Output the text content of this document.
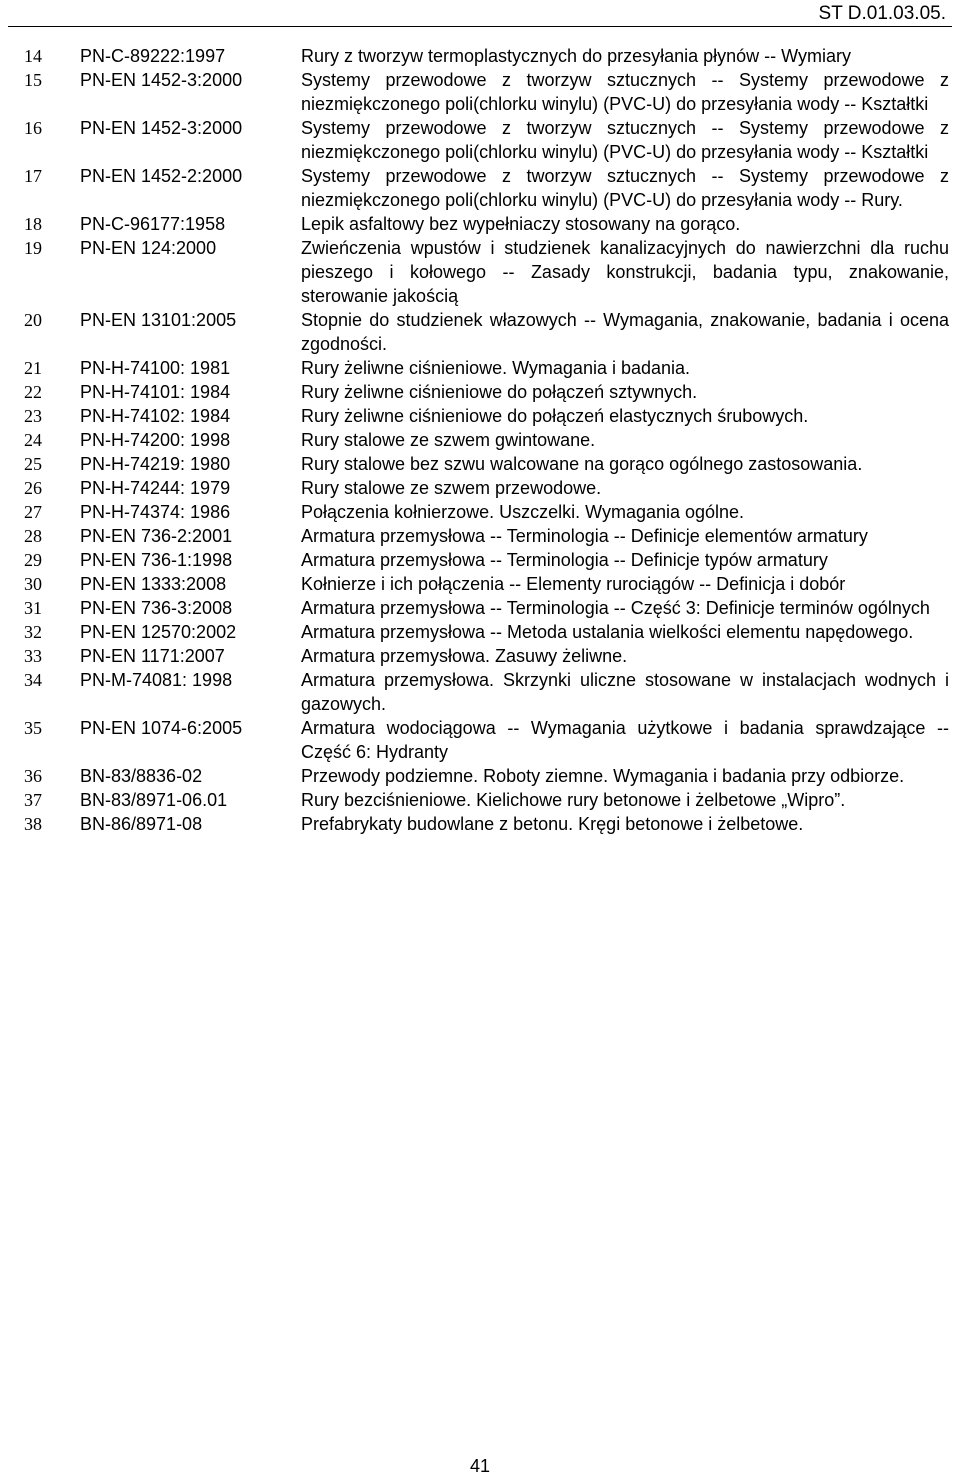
ST D.01.03.05.
14	PN-C-89222:1997	Rury z tworzyw termoplastycznych do przesyłania płynów -- Wymiary
15	PN-EN 1452-3:2000	Systemy przewodowe z tworzyw sztucznych -- Systemy przewodowe z niezmiękczonego poli(chlorku winylu) (PVC-U) do przesyłania wody -- Kształtki
16	PN-EN 1452-3:2000	Systemy przewodowe z tworzyw sztucznych -- Systemy przewodowe z niezmiękczonego poli(chlorku winylu) (PVC-U) do przesyłania wody -- Kształtki
17	PN-EN 1452-2:2000	Systemy przewodowe z tworzyw sztucznych -- Systemy przewodowe z niezmiękczonego poli(chlorku winylu) (PVC-U) do przesyłania wody -- Rury.
18	PN-C-96177:1958	Lepik asfaltowy bez wypełniaczy stosowany na gorąco.
19	PN-EN 124:2000	Zwieńczenia wpustów i studzienek kanalizacyjnych do nawierzchni dla ruchu pieszego i kołowego -- Zasady konstrukcji, badania typu, znakowanie, sterowanie jakością
20	PN-EN 13101:2005	Stopnie do studzienek włazowych -- Wymagania, znakowanie, badania i ocena zgodności.
21	PN-H-74100: 1981	Rury żeliwne ciśnieniowe. Wymagania i badania.
22	PN-H-74101: 1984	Rury żeliwne ciśnieniowe do połączeń sztywnych.
23	PN-H-74102: 1984	Rury żeliwne ciśnieniowe do połączeń elastycznych śrubowych.
24	PN-H-74200: 1998	Rury stalowe ze szwem gwintowane.
25	PN-H-74219: 1980	Rury stalowe bez szwu walcowane na gorąco ogólnego zastosowania.
26	PN-H-74244: 1979	Rury stalowe ze szwem przewodowe.
27	PN-H-74374: 1986	Połączenia kołnierzowe. Uszczelki. Wymagania ogólne.
28	PN-EN 736-2:2001	Armatura przemysłowa -- Terminologia -- Definicje elementów armatury
29	PN-EN 736-1:1998	Armatura przemysłowa -- Terminologia -- Definicje typów armatury
30	PN-EN 1333:2008	Kołnierze i ich połączenia -- Elementy rurociągów -- Definicja i dobór
31	PN-EN 736-3:2008	Armatura przemysłowa -- Terminologia -- Część 3: Definicje terminów ogólnych
32	PN-EN 12570:2002	Armatura przemysłowa -- Metoda ustalania wielkości elementu napędowego.
33	PN-EN 1171:2007	Armatura przemysłowa. Zasuwy żeliwne.
34	PN-M-74081: 1998	Armatura przemysłowa. Skrzynki uliczne stosowane w instalacjach wodnych i gazowych.
35	PN-EN 1074-6:2005	Armatura wodociągowa -- Wymagania użytkowe i badania sprawdzające -- Część 6: Hydranty
36	BN-83/8836-02	Przewody podziemne. Roboty ziemne. Wymagania i badania przy odbiorze.
37	BN-83/8971-06.01	Rury bezciśnieniowe. Kielichowe rury betonowe i żelbetowe „Wipro”.
38	BN-86/8971-08	Prefabrykaty budowlane z betonu. Kręgi betonowe i żelbetowe.
41
